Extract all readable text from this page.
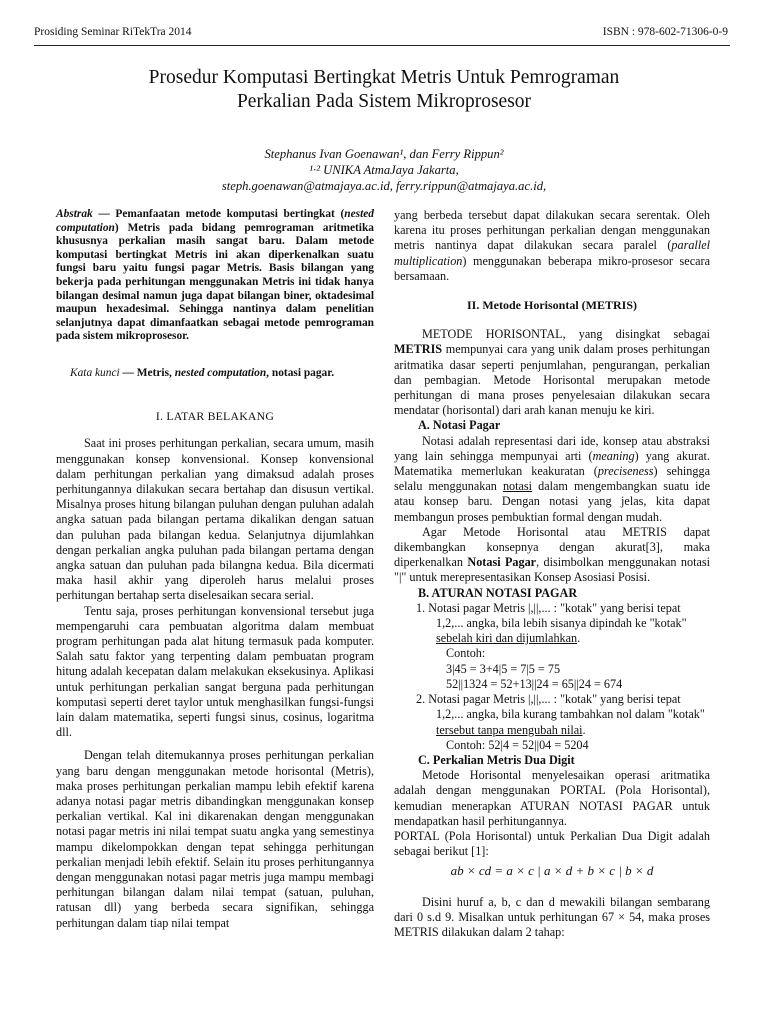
Prosiding Seminar RiTekTra 2014	ISBN : 978-602-71306-0-9
Prosedur Komputasi Bertingkat Metris Untuk Pemrograman
Perkalian Pada Sistem Mikroprosesor
Stephanus Ivan Goenawan¹, dan Ferry Rippun²
¹·² UNIKA AtmaJaya Jakarta,
steph.goenawan@atmajaya.ac.id, ferry.rippun@atmajaya.ac.id,

Abstrak — Pemanfaatan metode komputasi bertingkat (nested computation) Metris pada bidang pemrograman aritmetika khususnya perkalian masih sangat baru. Dalam metode komputasi bertingkat Metris ini akan diperkenalkan suatu fungsi baru yaitu fungsi pagar Metris. Basis bilangan yang bekerja pada perhitungan menggunakan Metris ini tidak hanya bilangan desimal namun juga dapat bilangan biner, oktadesimal maupun hexadesimal. Sehingga nantinya dalam penelitian selanjutnya dapat dimanfaatkan sebagai metode pemrograman pada sistem mikroprosesor.

Kata kunci — Metris, nested computation, notasi pagar.

I. LATAR BELAKANG

Saat ini proses perhitungan perkalian, secara umum, masih menggunakan konsep konvensional. Konsep konvensional dalam perhitungan perkalian yang dimaksud adalah proses perhitungannya dilakukan secara bertahap dan disusun vertikal. Misalnya proses hitung bilangan puluhan dengan puluhan adalah angka satuan pada bilangan pertama dikalikan dengan satuan dan puluhan pada bilangan kedua. Selanjutnya dijumlahkan dengan perkalian angka puluhan pada bilangan pertama dengan angka satuan dan puluhan pada bilangna kedua. Bila dicermati maka hasil akhir yang diperoleh harus melalui proses perhitungan bertahap serta diselesaikan secara serial.

Tentu saja, proses perhitungan konvensional tersebut juga mempengaruhi cara pembuatan algoritma dalam membuat program perhitungan pada alat hitung termasuk pada komputer. Salah satu faktor yang terpenting dalam pembuatan program hitung adalah kecepatan dalam melakukan eksekusinya. Aplikasi untuk perhitungan perkalian sangat berguna pada perhitungan komputasi seperti deret taylor untuk menghasilkan fungsi-fungsi lain dalam matematika, seperti fungsi sinus, cosinus, logaritma dll.

Dengan telah ditemukannya proses perhitungan perkalian yang baru dengan menggunakan metode horisontal (Metris), maka proses perhitungan perkalian mampu lebih efektif karena adanya notasi pagar metris dibandingkan menggunakan konsep perkalian vertikal. Kal ini dikarenakan dengan menggunakan notasi pagar metris ini nilai tempat suatu angka yang semestinya mampu dikelompokkan dengan tepat sehingga perhitungan perkalian menjadi lebih efektif. Selain itu proses perhitungannya dengan menggunakan notasi pagar metris juga mampu membagi perhitungan bilangan dalam nilai tempat (satuan, puluhan, ratusan dll) yang berbeda secara signifikan, sehingga perhitungan dalam tiap nilai tempat

yang berbeda tersebut dapat dilakukan secara serentak. Oleh karena itu proses perhitungan perkalian dengan menggunakan metris nantinya dapat dilakukan secara paralel (parallel multiplication) menggunakan beberapa mikro-prosesor secara bersamaan.

II. Metode Horisontal (METRIS)

METODE HORISONTAL, yang disingkat sebagai METRIS mempunyai cara yang unik dalam proses perhitungan aritmatika dasar seperti penjumlahan, pengurangan, perkalian dan pembagian. Metode Horisontal merupakan metode perhitungan di mana proses penyelesaian dilakukan secara mendatar (horisontal) dari arah kanan menuju ke kiri.

A. Notasi Pagar

Notasi adalah representasi dari ide, konsep atau abstraksi yang lain sehingga mempunyai arti (meaning) yang akurat. Matematika memerlukan keakuratan (preciseness) sehingga selalu menggunakan notasi dalam mengembangkan suatu ide atau konsep baru. Dengan notasi yang jelas, kita dapat membangun proses pembuktian formal dengan mudah.

Agar Metode Horisontal atau METRIS dapat dikembangkan konsepnya dengan akurat[3], maka diperkenalkan Notasi Pagar, disimbolkan menggunakan notasi "|" untuk merepresentasikan Konsep Asosiasi Posisi.

B. ATURAN NOTASI PAGAR

1. Notasi pagar Metris |,||,... : "kotak" yang berisi tepat 1,2,... angka, bila lebih sisanya dipindah ke "kotak" sebelah kiri dan dijumlahkan.

Contoh:
3|45 = 3+4|5 = 7|5 = 75
52||1324 = 52+13||24 = 65||24 = 674

2. Notasi pagar Metris |,||,... : "kotak" yang berisi tepat 1,2,... angka, bila kurang tambahkan nol dalam "kotak" tersebut tanpa mengubah nilai.

Contoh: 52|4 = 52||04 = 5204
C. Perkalian Metris Dua Digit

Metode Horisontal menyelesaikan operasi aritmatika adalah dengan menggunakan PORTAL (Pola Horisontal), kemudian menerapkan ATURAN NOTASI PAGAR untuk mendapatkan hasil perhitungannya.

PORTAL (Pola Horisontal) untuk Perkalian Dua Digit adalah sebagai berikut [1]:

ab × cd = a × c | a × d + b × c | b × d

Disini huruf a, b, c dan d mewakili bilangan sembarang dari 0 s.d 9. Misalkan untuk perhitungan 67 × 54, maka proses METRIS dilakukan dalam 2 tahap:
